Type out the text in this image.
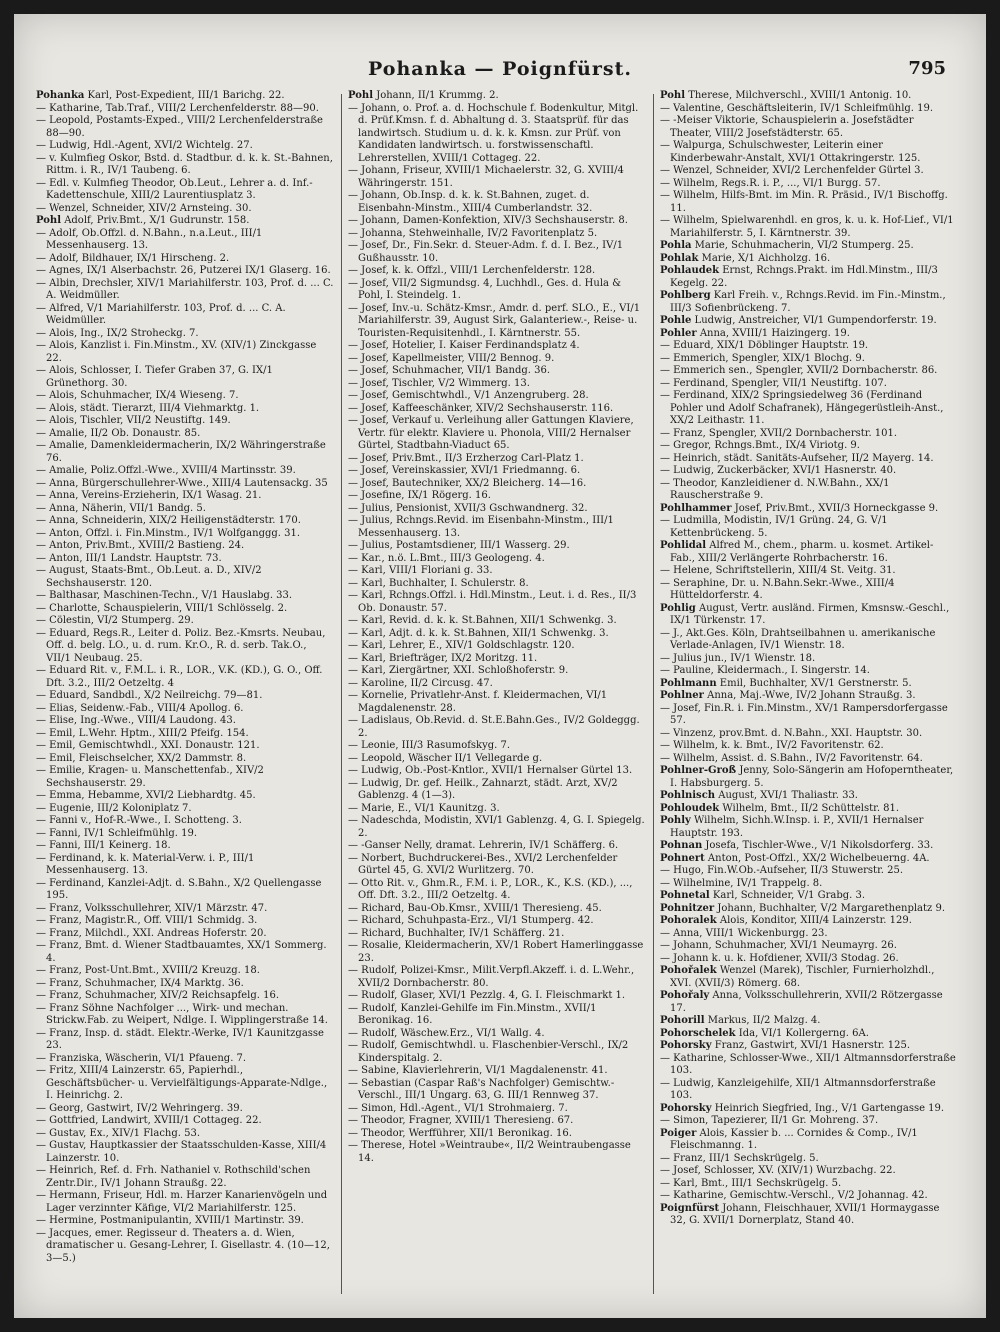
Pohanka — Poignfürst.	795

Pohanka Karl, Post-Expedient, III/1 Barichg. 22.

— Katharine, Tab.Traf., VIII/2 Lerchenfelderstr. 88—90.

— Leopold, Postamts-Exped., VIII/2 Lerchenfelderstraße 88—90.

— Ludwig, Hdl.-Agent, XVI/2 Wichtelg. 27.

— v. Kulmfieg Oskor, Bstd. d. Stadtbur. d. k. k. St.-Bahnen, Rittm. i. R., IV/1 Taubeng. 6.

— Edl. v. Kulmfieg Theodor, Ob.Leut., Lehrer a. d. Inf.-Kadettenschule, XIII/2 Laurentiusplatz 3.

— Wenzel, Schneider, XIV/2 Arnsteing. 30.

Pohl Adolf, Priv.Bmt., X/1 Gudrunstr. 158.

— Adolf, Ob.Offzl. d. N.Bahn., n.a.Leut., III/1 Messenhauserg. 13.

— Adolf, Bildhauer, IX/1 Hirscheng. 2.

— Agnes, IX/1 Alserbachstr. 26, Putzerei IX/1 Glaserg. 16.

— Albin, Drechsler, XIV/1 Mariahilferstr. 103, Prof. d. ... C. A. Weidmüller.

— Alfred, V/1 Mariahilferstr. 103, Prof. d. ... C. A. Weidmüller.

— Alois, Ing., IX/2 Stroheckg. 7.

— Alois, Kanzlist i. Fin.Minstm., XV. (XIV/1) Zinckgasse 22.

— Alois, Schlosser, I. Tiefer Graben 37, G. IX/1 Grünethorg. 30.

— Alois, Schuhmacher, IX/4 Wieseng. 7.

— Alois, städt. Tierarzt, III/4 Viehmarktg. 1.

— Alois, Tischler, VII/2 Neustiftg. 149.

— Amalie, II/2 Ob. Donaustr. 85.

— Amalie, Damenkleidermacherin, IX/2 Währingerstraße 76.

— Amalie, Poliz.Offzl.-Wwe., XVIII/4 Martinsstr. 39.

— Anna, Bürgerschullehrer-Wwe., XIII/4 Lautensackg. 35

— Anna, Vereins-Erzieherin, IX/1 Wasag. 21.

— Anna, Näherin, VII/1 Bandg. 5.

— Anna, Schneiderin, XIX/2 Heiligenstädterstr. 170.

— Anton, Offzl. i. Fin.Minstm., IV/1 Wolfganggg. 31.

— Anton, Priv.Bmt., XVIII/2 Bastieng. 24.

— Anton, III/1 Landstr. Hauptstr. 73.

— August, Staats-Bmt., Ob.Leut. a. D., XIV/2 Sechshauserstr. 120.

— Balthasar, Maschinen-Techn., V/1 Hauslabg. 33.

— Charlotte, Schauspielerin, VIII/1 Schlösselg. 2.

— Cölestin, VI/2 Stumperg. 29.

— Eduard, Regs.R., Leiter d. Poliz. Bez.-Kmsrts. Neubau, Off. d. belg. LO., u. d. rum. Kr.O., R. d. serb. Tak.O., VII/1 Neubaug. 25.

— Eduard Rit. v., F.M.L. i. R., LOR., V.K. (KD.), G. O., Off. Dft. 3.2., III/2 Oetzeltg. 4

— Eduard, Sandbdl., X/2 Neilreichg. 79—81.

— Elias, Seidenw.-Fab., VIII/4 Apollog. 6.

— Elise, Ing.-Wwe., VIII/4 Laudong. 43.

— Emil, L.Wehr. Hptm., XIII/2 Pfeifg. 154.

— Emil, Gemischtwhdl., XXI. Donaustr. 121.

— Emil, Fleischselcher, XX/2 Dammstr. 8.

— Emilie, Kragen- u. Manschettenfab., XIV/2 Sechshauserstr. 29.

— Emma, Hebamme, XVI/2 Liebhardtg. 45.

— Eugenie, III/2 Koloniplatz 7.

— Fanni v., Hof-R.-Wwe., I. Schotteng. 3.

— Fanni, IV/1 Schleifmühlg. 19.

— Fanni, III/1 Keinerg. 18.

— Ferdinand, k. k. Material-Verw. i. P., III/1 Messenhauserg. 13.

— Ferdinand, Kanzlei-Adjt. d. S.Bahn., X/2 Quellengasse 195.

— Franz, Volksschullehrer, XIV/1 Märzstr. 47.

— Franz, Magistr.R., Off. VIII/1 Schmidg. 3.

— Franz, Milchdl., XXI. Andreas Hoferstr. 20.

— Franz, Bmt. d. Wiener Stadtbauamtes, XX/1 Sommerg. 4.

— Franz, Post-Unt.Bmt., XVIII/2 Kreuzg. 18.

— Franz, Schuhmacher, IX/4 Marktg. 36.

— Franz, Schuhmacher, XIV/2 Reichsapfelg. 16.

— Franz Söhne Nachfolger ..., Wirk- und mechan. Strickw.Fab. zu Weipert, Ndlge. I. Wipplingerstraße 14.

— Franz, Insp. d. städt. Elektr.-Werke, IV/1 Kaunitzgasse 23.

— Franziska, Wäscherin, VI/1 Pfaueng. 7.

— Fritz, XIII/4 Lainzerstr. 65, Papierhdl., Geschäftsbücher- u. Vervielfältigungs-Apparate-Ndlge., I. Heinrichg. 2.

— Georg, Gastwirt, IV/2 Wehringerg. 39.

— Gottfried, Landwirt, XVIII/1 Cottageg. 22.

— Gustav, Ex., XIV/1 Flachg. 53.

— Gustav, Hauptkassier der Staatsschulden-Kasse, XIII/4 Lainzerstr. 10.

— Heinrich, Ref. d. Frh. Nathaniel v. Rothschild'schen Zentr.Dir., IV/1 Johann Straußg. 22.

— Hermann, Friseur, Hdl. m. Harzer Kanarienvögeln und Lager verzinnter Käfige, VI/2 Mariahilferstr. 125.

— Hermine, Postmanipulantin, XVIII/1 Martinstr. 39.

— Jacques, emer. Regisseur d. Theaters a. d. Wien, dramatischer u. Gesang-Lehrer, I. Gisellastr. 4. (10—12, 3—5.)

Pohl Johann, II/1 Krummg. 2.

— Johann, o. Prof. a. d. Hochschule f. Bodenkultur, Mitgl. d. Prüf.Kmsn. f. d. Abhaltung d. 3. Staatsprüf. für das landwirtsch. Studium u. d. k. k. Kmsn. zur Prüf. von Kandidaten landwirtsch. u. forstwissenschaftl. Lehrerstellen, XVIII/1 Cottageg. 22.

— Johann, Friseur, XVIII/1 Michaelerstr. 32, G. XVIII/4 Währingerstr. 151.

— Johann, Ob.Insp. d. k. k. St.Bahnen, zuget. d. Eisenbahn-Minstm., XIII/4 Cumberlandstr. 32.

— Johann, Damen-Konfektion, XIV/3 Sechshauserstr. 8.

— Johanna, Stehweinhalle, IV/2 Favoritenplatz 5.

— Josef, Dr., Fin.Sekr. d. Steuer-Adm. f. d. I. Bez., IV/1 Gußhausstr. 10.

— Josef, k. k. Offzl., VIII/1 Lerchenfelderstr. 128.

— Josef, VII/2 Sigmundsg. 4, Luchhdl., Ges. d. Hula & Pohl, I. Steindelg. 1.

— Josef, Inv.-u. Schätz-Kmsr., Amdr. d. perf. SLO., E., VI/1 Mariahilferstr. 39, August Sirk, Galanteriew.-, Reise- u. Touristen-Requisitenhdl., I. Kärntnerstr. 55.

— Josef, Hotelier, I. Kaiser Ferdinandsplatz 4.

— Josef, Kapellmeister, VIII/2 Bennog. 9.

— Josef, Schuhmacher, VII/1 Bandg. 36.

— Josef, Tischler, V/2 Wimmerg. 13.

— Josef, Gemischtwhdl., V/1 Anzengruberg. 28.

— Josef, Kaffeeschänker, XIV/2 Sechshauserstr. 116.

— Josef, Verkauf u. Verleihung aller Gattungen Klaviere, Vertr. für elektr. Klaviere u. Phonola, VIII/2 Hernalser Gürtel, Stadtbahn-Viaduct 65.

— Josef, Priv.Bmt., II/3 Erzherzog Carl-Platz 1.

— Josef, Vereinskassier, XVI/1 Friedmanng. 6.

— Josef, Bautechniker, XX/2 Bleicherg. 14—16.

— Josefine, IX/1 Rögerg. 16.

— Julius, Pensionist, XVII/3 Gschwandnerg. 32.

— Julius, Rchngs.Revid. im Eisenbahn-Minstm., III/1 Messenhauserg. 13.

— Julius, Postamtsdiener, III/1 Wasserg. 29.

— Kar., n.ö. L.Bmt., III/3 Geologeng. 4.

— Karl, VIII/1 Floriani g. 33.

— Karl, Buchhalter, I. Schulerstr. 8.

— Karl, Rchngs.Offzl. i. Hdl.Minstm., Leut. i. d. Res., II/3 Ob. Donaustr. 57.

— Karl, Revid. d. k. k. St.Bahnen, XII/1 Schwenkg. 3.

— Karl, Adjt. d. k. k. St.Bahnen, XII/1 Schwenkg. 3.

— Karl, Lehrer, E., XIV/1 Goldschlagstr. 120.

— Karl, Briefträger, IX/2 Moritzg. 11.

— Karl, Ziergärtner, XXI. Schloßhoferstr. 9.

— Karoline, II/2 Circusg. 47.

— Kornelie, Privatlehr-Anst. f. Kleidermachen, VI/1 Magdalenenstr. 28.

— Ladislaus, Ob.Revid. d. St.E.Bahn.Ges., IV/2 Goldeggg. 2.

— Leonie, III/3 Rasumofskyg. 7.

— Leopold, Wäscher II/1 Vellegarde g.

— Ludwig, Ob.-Post-Kntlor., XVII/1 Hernalser Gürtel 13.

— Ludwig, Dr. gef. Heilk., Zahnarzt, städt. Arzt, XV/2 Gablenzg. 4 (1—3).

— Marie, E., VI/1 Kaunitzg. 3.

— Nadeschda, Modistin, XVI/1 Gablenzg. 4, G. I. Spiegelg. 2.

— -Ganser Nelly, dramat. Lehrerin, IV/1 Schäfferg. 6.

— Norbert, Buchdruckerei-Bes., XVI/2 Lerchenfelder Gürtel 45, G. XVI/2 Wurlitzerg. 70.

— Otto Rit. v., Ghm.R., F.M. i. P., LOR., K., K.S. (KD.), ..., Off. Dft. 3.2., III/2 Oetzeltg. 4.

— Richard, Bau-Ob.Kmsr., XVIII/1 Theresieng. 45.

— Richard, Schuhpasta-Erz., VI/1 Stumperg. 42.

— Richard, Buchhalter, IV/1 Schäfferg. 21.

— Rosalie, Kleidermacherin, XV/1 Robert Hamerlinggasse 23.

— Rudolf, Polizei-Kmsr., Milit.Verpfl.Akzeff. i. d. L.Wehr., XVII/2 Dornbacherstr. 80.

— Rudolf, Glaser, XVI/1 Pezzlg. 4, G. I. Fleischmarkt 1.

— Rudolf, Kanzlei-Gehilfe im Fin.Minstm., XVII/1 Beronikag. 16.

— Rudolf, Wäschew.Erz., VI/1 Wallg. 4.

— Rudolf, Gemischtwhdl. u. Flaschenbier-Verschl., IX/2 Kinderspitalg. 2.

— Sabine, Klavierlehrerin, VI/1 Magdalenenstr. 41.

— Sebastian (Caspar Raß's Nachfolger) Gemischtw.-Verschl., III/1 Ungarg. 63, G. III/1 Rennweg 37.

— Simon, Hdl.-Agent., VI/1 Strohmaierg. 7.

— Theodor, Fragner, XVIII/1 Theresieng. 67.

— Theodor, Werfführer, XII/1 Beronikag. 16.

— Therese, Hotel »Weintraube«, II/2 Weintraubengasse 14.

Pohl Therese, Milchverschl., XVIII/1 Antonig. 10.

— Valentine, Geschäftsleiterin, IV/1 Schleifmühlg. 19.

— -Meiser Viktorie, Schauspielerin a. Josefstädter Theater, VIII/2 Josefstädterstr. 65.

— Walpurga, Schulschwester, Leiterin einer Kinderbewahr-Anstalt, XVI/1 Ottakringerstr. 125.

— Wenzel, Schneider, XVI/2 Lerchenfelder Gürtel 3.

— Wilhelm, Regs.R. i. P., ..., VI/1 Burgg. 57.

— Wilhelm, Hilfs-Bmt. im Min. R. Präsid., IV/1 Bischoffg. 11.

— Wilhelm, Spielwarenhdl. en gros, k. u. k. Hof-Lief., VI/1 Mariahilferstr. 5, I. Kärntnerstr. 39.

Pohla Marie, Schuhmacherin, VI/2 Stumperg. 25.

Pohlak Marie, X/1 Aichholzg. 16.

Pohlaudek Ernst, Rchngs.Prakt. im Hdl.Minstm., III/3 Kegelg. 22.

Pohlberg Karl Freih. v., Rchngs.Revid. im Fin.-Minstm., III/3 Sofienbrückeng. 7.

Pohle Ludwig, Anstreicher, VI/1 Gumpendorferstr. 19.

Pohler Anna, XVIII/1 Haizingerg. 19.

— Eduard, XIX/1 Döblinger Hauptstr. 19.

— Emmerich, Spengler, XIX/1 Blochg. 9.

— Emmerich sen., Spengler, XVII/2 Dornbacherstr. 86.

— Ferdinand, Spengler, VII/1 Neustiftg. 107.

— Ferdinand, XIX/2 Springsiedelweg 36 (Ferdinand Pohler und Adolf Schafranek), Hängegerüstleih-Anst., XX/2 Leithastr. 11.

— Franz, Spengler, XVII/2 Dornbacherstr. 101.

— Gregor, Rchngs.Bmt., IX/4 Viriotg. 9.

— Heinrich, städt. Sanitäts-Aufseher, II/2 Mayerg. 14.

— Ludwig, Zuckerbäcker, XVI/1 Hasnerstr. 40.

— Theodor, Kanzleidiener d. N.W.Bahn., XX/1 Rauscherstraße 9.

Pohlhammer Josef, Priv.Bmt., XVII/3 Horneckgasse 9.

— Ludmilla, Modistin, IV/1 Grüng. 24, G. V/1 Kettenbrückeng. 5.

Pohlidal Alfred M., chem., pharm. u. kosmet. Artikel-Fab., XIII/2 Verlängerte Rohrbacherstr. 16.

— Helene, Schriftstellerin, XIII/4 St. Veitg. 31.

— Seraphine, Dr. u. N.Bahn.Sekr.-Wwe., XIII/4 Hütteldorferstr. 4.

Pohlig August, Vertr. ausländ. Firmen, Kmsnsw.-Geschl., IX/1 Türkenstr. 17.

— J., Akt.Ges. Köln, Drahtseilbahnen u. amerikanische Verlade-Anlagen, IV/1 Wienstr. 18.

— Julius jun., IV/1 Wienstr. 18.

— Pauline, Kleidermach., I. Singerstr. 14.

Pohlmann Emil, Buchhalter, XV/1 Gerstnerstr. 5.

Pohlner Anna, Maj.-Wwe, IV/2 Johann Straußg. 3.

— Josef, Fin.R. i. Fin.Minstm., XV/1 Rampersdorfergasse 57.

— Vinzenz, prov.Bmt. d. N.Bahn., XXI. Hauptstr. 30.

— Wilhelm, k. k. Bmt., IV/2 Favoritenstr. 62.

— Wilhelm, Assist. d. S.Bahn., IV/2 Favoritenstr. 64.

Pohlner-Groß Jenny, Solo-Sängerin am Hofoperntheater, I. Habsburgerg. 5.

Pohlnisch August, XVI/1 Thaliastr. 33.

Pohloudek Wilhelm, Bmt., II/2 Schüttelstr. 81.

Pohly Wilhelm, Sichh.W.Insp. i. P., XVII/1 Hernalser Hauptstr. 193.

Pohnan Josefa, Tischler-Wwe., V/1 Nikolsdorferg. 33.

Pohnert Anton, Post-Offzl., XX/2 Wichelbeuerng. 4A.

— Hugo, Fin.W.Ob.-Aufseher, II/3 Stuwerstr. 25.

— Wilhelmine, IV/1 Trappelg. 8.

Pohnetal Karl, Schneider, V/1 Grabg. 3.

Pohnitzer Johann, Buchhalter, V/2 Margarethenplatz 9.

Pohoralek Alois, Konditor, XIII/4 Lainzerstr. 129.

— Anna, VIII/1 Wickenburgg. 23.

— Johann, Schuhmacher, XVI/1 Neumayrg. 26.

— Johann k. u. k. Hofdiener, XVII/3 Stodag. 26.

Pohořalek Wenzel (Marek), Tischler, Furnierholzhdl., XVI. (XVII/3) Römerg. 68.

Pohořaly Anna, Volksschullehrerin, XVII/2 Rötzergasse 17.

Pohorill Markus, II/2 Malzg. 4.

Pohorschelek Ida, VI/1 Kollergerng. 6A.

Pohorsky Franz, Gastwirt, XVI/1 Hasnerstr. 125.

— Katharine, Schlosser-Wwe., XII/1 Altmannsdorferstraße 103.

— Ludwig, Kanzleigehilfe, XII/1 Altmannsdorferstraße 103.

Pohorsky Heinrich Siegfried, Ing., V/1 Gartengasse 19.

— Simon, Tapezierer, II/1 Gr. Mohreng. 37.

Poiger Alois, Kassier b. ... Cornides & Comp., IV/1 Fleischmanng. 1.

— Franz, III/1 Sechskrügelg. 5.

— Josef, Schlosser, XV. (XIV/1) Wurzbachg. 22.

— Karl, Bmt., III/1 Sechskrügelg. 5.

— Katharine, Gemischtw.-Verschl., V/2 Johannag. 42.

Poignfürst Johann, Fleischhauer, XVII/1 Hormaygasse 32, G. XVII/1 Dornerplatz, Stand 40.
